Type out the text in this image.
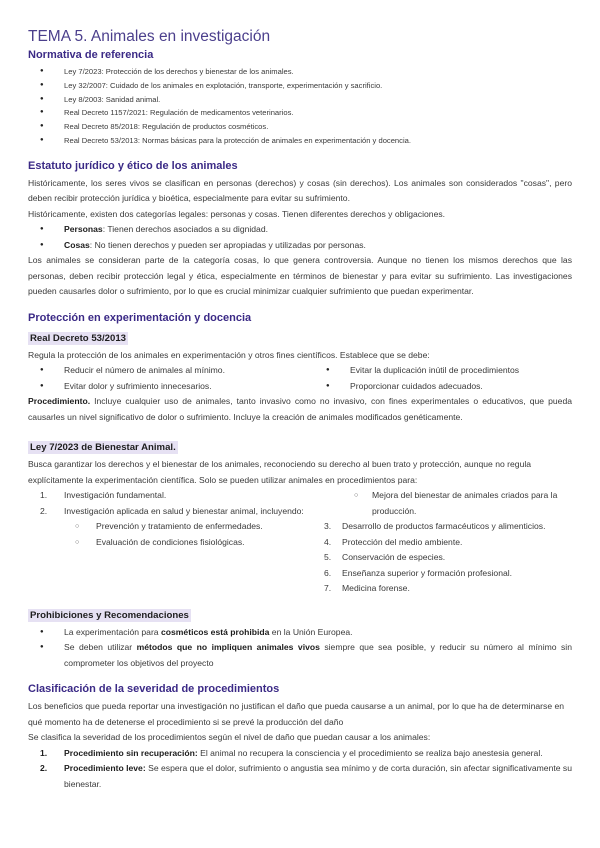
TEMA 5. Animales en investigación
Normativa de referencia
● Ley 7/2023: Protección de los derechos y bienestar de los animales.
● Ley 32/2007: Cuidado de los animales en explotación, transporte, experimentación y sacrificio.
● Ley 8/2003: Sanidad animal.
● Real Decreto 1157/2021: Regulación de medicamentos veterinarios.
● Real Decreto 85/2018: Regulación de productos cosméticos.
● Real Decreto 53/2013: Normas básicas para la protección de animales en experimentación y docencia.
Estatuto jurídico y ético de los animales

Históricamente, los seres vivos se clasifican en personas (derechos) y cosas (sin derechos). Los animales son considerados "cosas", pero deben recibir protección jurídica y bioética, especialmente para evitar su sufrimiento.

Históricamente, existen dos categorías legales: personas y cosas. Tienen diferentes derechos y obligaciones.

● Personas: Tienen derechos asociados a su dignidad.
● Cosas: No tienen derechos y pueden ser apropiadas y utilizadas por personas.

Los animales se consideran parte de la categoría cosas, lo que genera controversia. Aunque no tienen los mismos derechos que las personas, deben recibir protección legal y ética, especialmente en términos de bienestar y para evitar su sufrimiento. Las investigaciones pueden causarles dolor o sufrimiento, por lo que es crucial minimizar cualquier sufrimiento que puedan experimentar.

Protección en experimentación y docencia
Real Decreto 53/2013

Regula la protección de los animales en experimentación y otros fines científicos. Establece que se debe:

● Reducir el número de animales al mínimo.
● Evitar dolor y sufrimiento innecesarios.
● Evitar la duplicación inútil de procedimientos
● Proporcionar cuidados adecuados.

Procedimiento. Incluye cualquier uso de animales, tanto invasivo como no invasivo, con fines experimentales o educativos, que pueda causarles un nivel significativo de dolor o sufrimiento. Incluye la creación de animales modificados genéticamente.

Ley 7/2023 de Bienestar Animal.

Busca garantizar los derechos y el bienestar de los animales, reconociendo su derecho al buen trato y protección, aunque no regula explícitamente la experimentación científica. Solo se pueden utilizar animales en procedimientos para:

1. Investigación fundamental.
2. Investigación aplicada en salud y bienestar animal, incluyendo:
○ Prevención y tratamiento de enfermedades.
○ Evaluación de condiciones fisiológicas.
○ Mejora del bienestar de animales criados para la producción.
3. Desarrollo de productos farmacéuticos y alimenticios.
4. Protección del medio ambiente.
5. Conservación de especies.
6. Enseñanza superior y formación profesional.
7. Medicina forense.
Prohibiciones y Recomendaciones
● La experimentación para cosméticos está prohibida en la Unión Europea.
● Se deben utilizar métodos que no impliquen animales vivos siempre que sea posible, y reducir su número al mínimo sin comprometer los objetivos del proyecto
Clasificación de la severidad de procedimientos

Los beneficios que pueda reportar una investigación no justifican el daño que pueda causarse a un animal, por lo que ha de determinarse en qué momento ha de detenerse el procedimiento si se prevé la producción del daño

Se clasifica la severidad de los procedimientos según el nivel de daño que puedan causar a los animales:

1. Procedimiento sin recuperación: El animal no recupera la consciencia y el procedimiento se realiza bajo anestesia general.
2. Procedimiento leve: Se espera que el dolor, sufrimiento o angustia sea mínimo y de corta duración, sin afectar significativamente su bienestar.
